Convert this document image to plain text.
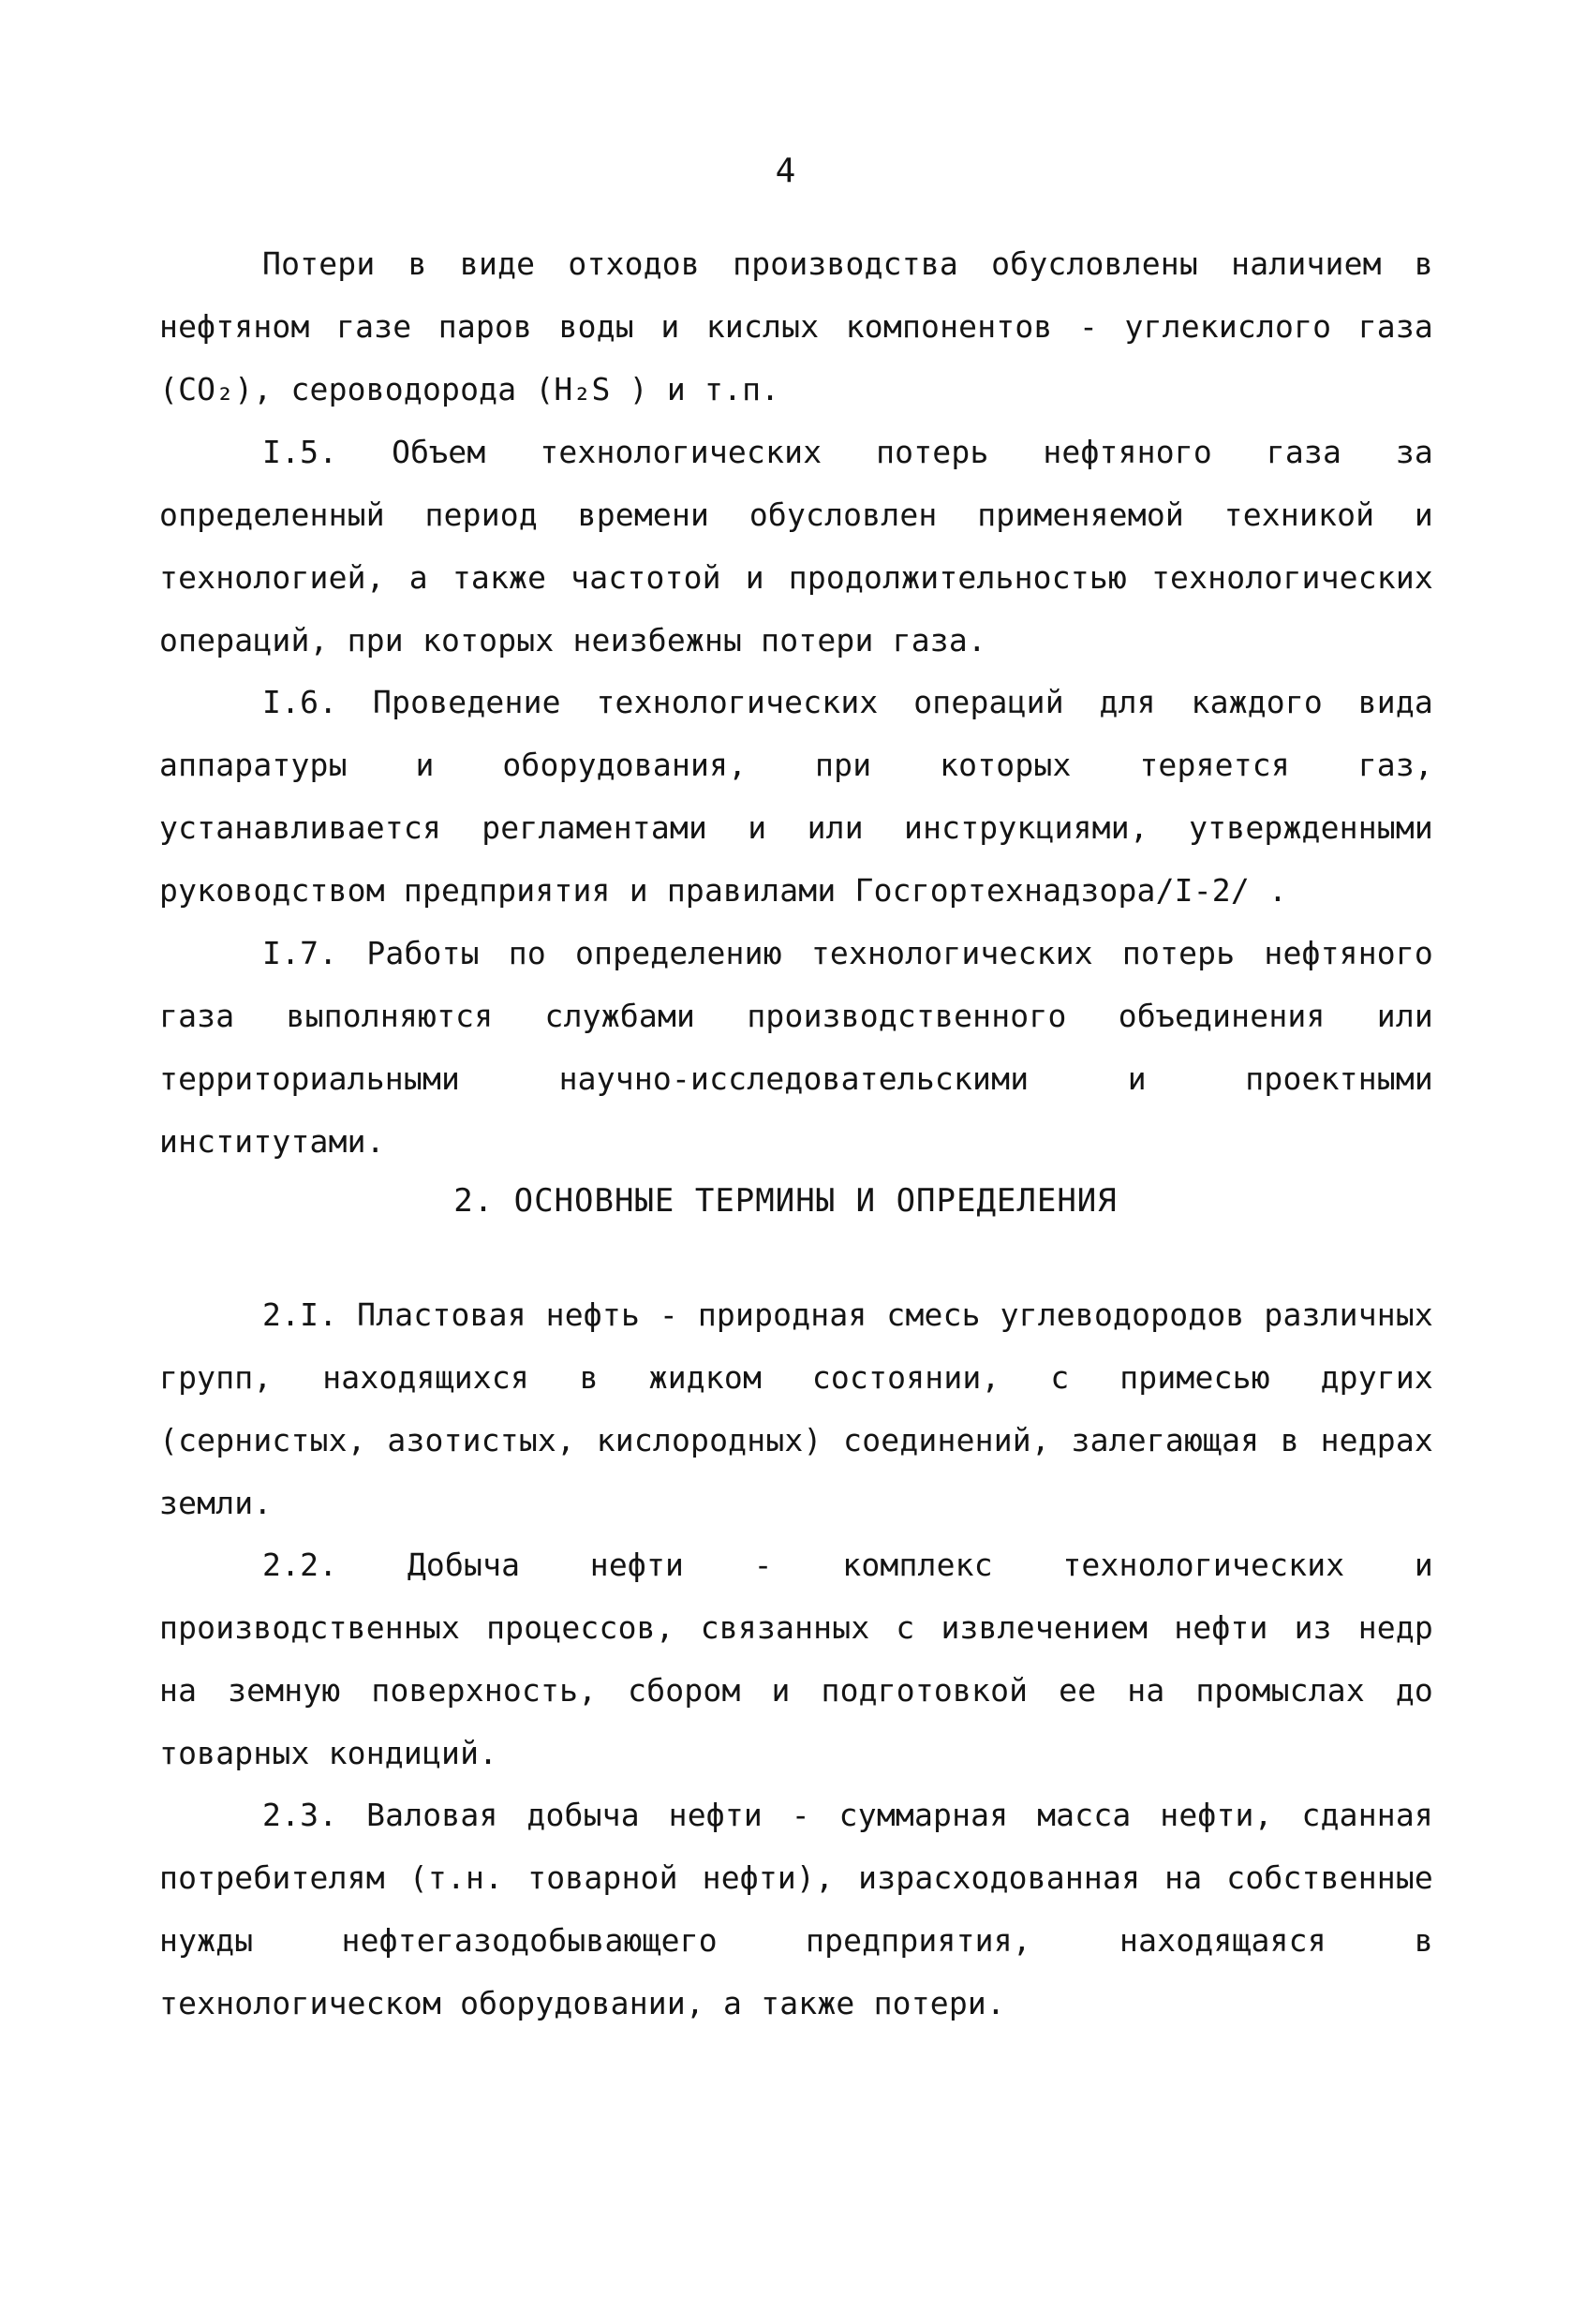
4
Потери в виде отходов производства обусловлены наличием в нефтяном газе паров воды и кислых компонентов - углекислого газа (CO₂), сероводорода (H₂S ) и т.п.
I.5. Объем технологических потерь нефтяного газа за определенный период времени обусловлен применяемой техникой и технологией, а также частотой и продолжительностью технологических операций, при которых неизбежны потери газа.
I.6. Проведение технологических операций для каждого вида аппаратуры и оборудования, при которых теряется газ, устанавливается регламентами и или инструкциями, утвержденными руководством предприятия и правилами Госгортехнадзора/I-2/ .
I.7. Работы по определению технологических потерь нефтяного газа выполняются службами производственного объединения или территориальными научно-исследовательскими и проектными институтами.
2. ОСНОВНЫЕ ТЕРМИНЫ И ОПРЕДЕЛЕНИЯ
2.I. Пластовая нефть - природная смесь углеводородов различных групп, находящихся в жидком состоянии, с примесью других (сернистых, азотистых, кислородных) соединений, залегающая в недрах земли.
2.2. Добыча нефти - комплекс технологических и производственных процессов, связанных с извлечением нефти из недр на земную поверхность, сбором и подготовкой ее на промыслах до товарных кондиций.
2.3. Валовая добыча нефти - суммарная масса нефти, сданная потребителям (т.н. товарной нефти), израсходованная на собственные нужды нефтегазодобывающего предприятия, находящаяся в технологическом оборудовании, а также потери.
